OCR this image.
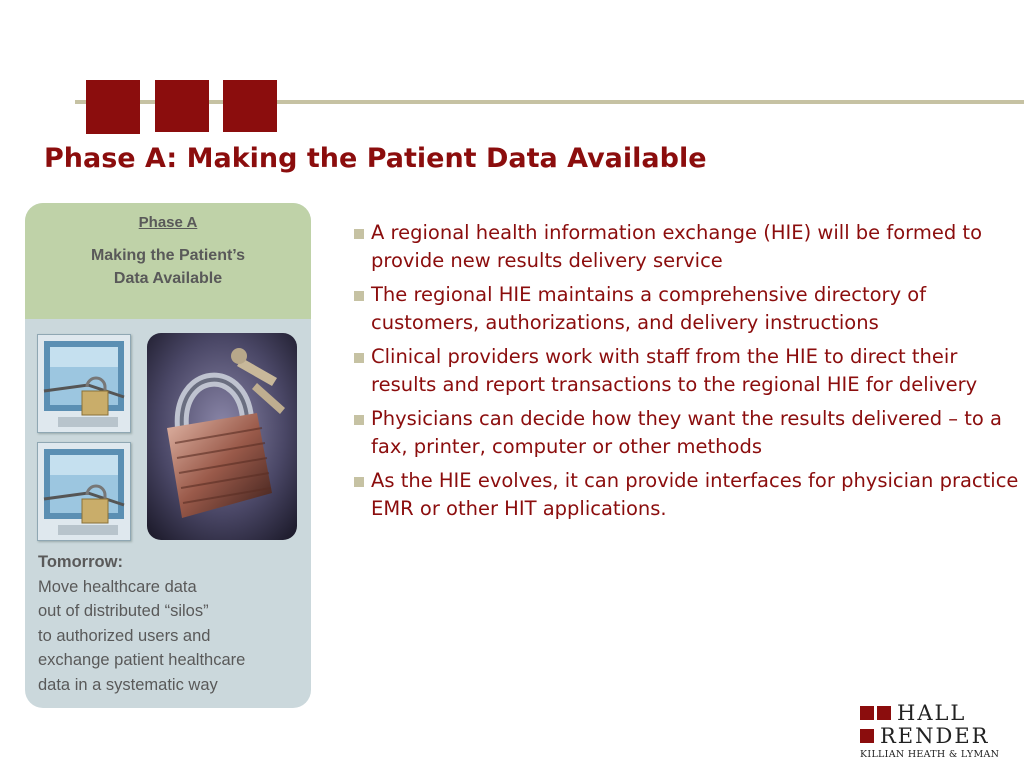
Phase A: Making the Patient Data Available
Phase A
Making the Patient’s
Data Available
Tomorrow:
Move healthcare data
out of distributed “silos”
to authorized users and
exchange patient healthcare
data in a systematic way
A regional health information exchange (HIE) will be formed to provide new results delivery service
The regional HIE maintains a comprehensive directory of customers, authorizations, and delivery instructions
Clinical providers work with staff from the HIE to direct their results and report transactions to the regional HIE for delivery
Physicians can decide how they want the results delivered – to a fax, printer, computer or other methods
As the HIE evolves, it can provide interfaces for physician practice EMR or other HIT applications.
HALL
RENDER
KILLIAN HEATH & LYMAN
